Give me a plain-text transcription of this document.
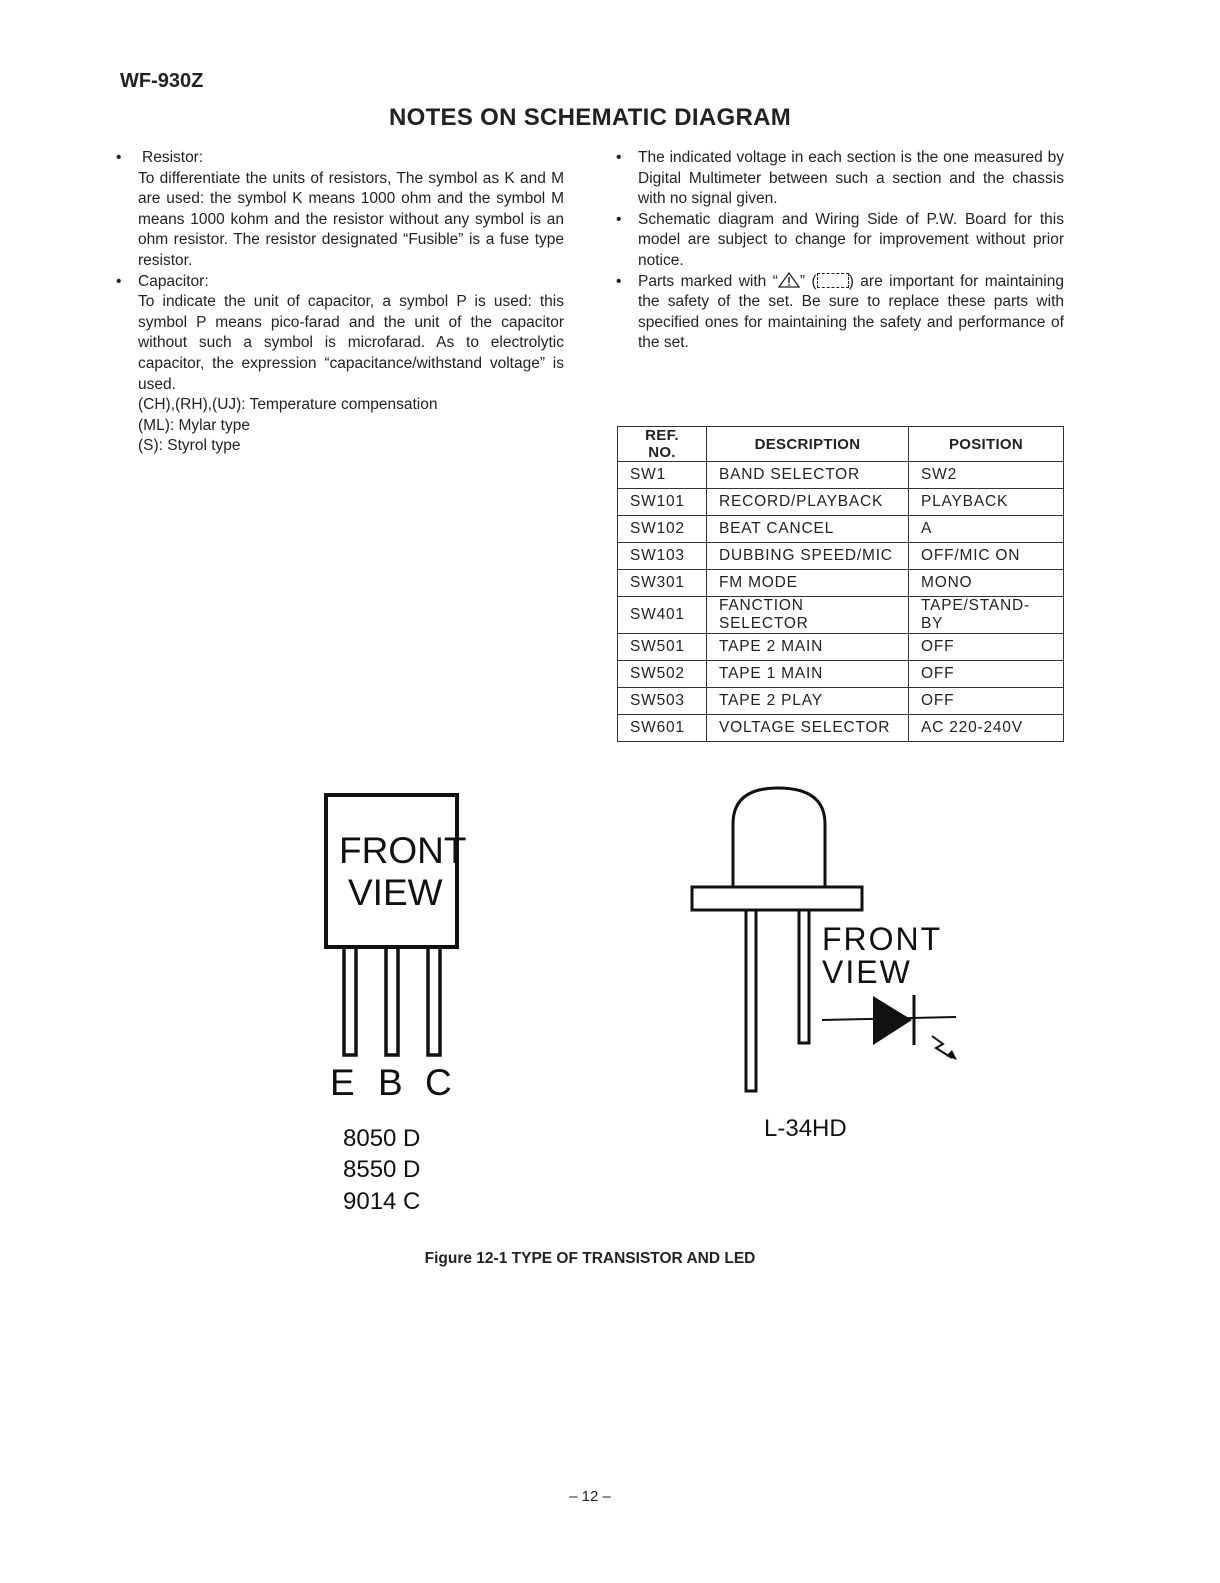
WF-930Z
NOTES ON SCHEMATIC DIAGRAM
• Resistor:
To differentiate the units of resistors, The symbol as K and M are used: the symbol K means 1000 ohm and the symbol M means 1000 kohm and the resistor without any symbol is an ohm resistor. The resistor designated “Fusible” is a fuse type resistor.
• Capacitor:
To indicate the unit of capacitor, a symbol P is used: this symbol P means pico-farad and the unit of the capacitor without such a symbol is microfarad. As to electrolytic capacitor, the expression “capacitance/withstand voltage” is used.
(CH),(RH),(UJ): Temperature compensation
(ML): Mylar type
(S): Styrol type
• The indicated voltage in each section is the one measured by Digital Multimeter between such a section and the chassis with no signal given.
• Schematic diagram and Wiring Side of P.W. Board for this model are subject to change for improvement without prior notice.
• Parts marked with “ ” ( ) are important for maintaining the safety of the set. Be sure to replace these parts with specified ones for maintaining the safety and performance of the set.
REF. NO.	DESCRIPTION	POSITION
SW1	BAND SELECTOR	SW2
SW101	RECORD/PLAYBACK	PLAYBACK
SW102	BEAT CANCEL	A
SW103	DUBBING SPEED/MIC	OFF/MIC ON
SW301	FM MODE	MONO
SW401	FANCTION SELECTOR	TAPE/STAND-BY
SW501	TAPE 2 MAIN	OFF
SW502	TAPE 1 MAIN	OFF
SW503	TAPE 2 PLAY	OFF
SW601	VOLTAGE SELECTOR	AC 220-240V
FRONT
VIEW
E B C
8050 D
8550 D
9014 C
FRONT
VIEW
L-34HD
Figure 12-1 TYPE OF TRANSISTOR AND LED
– 12 –
